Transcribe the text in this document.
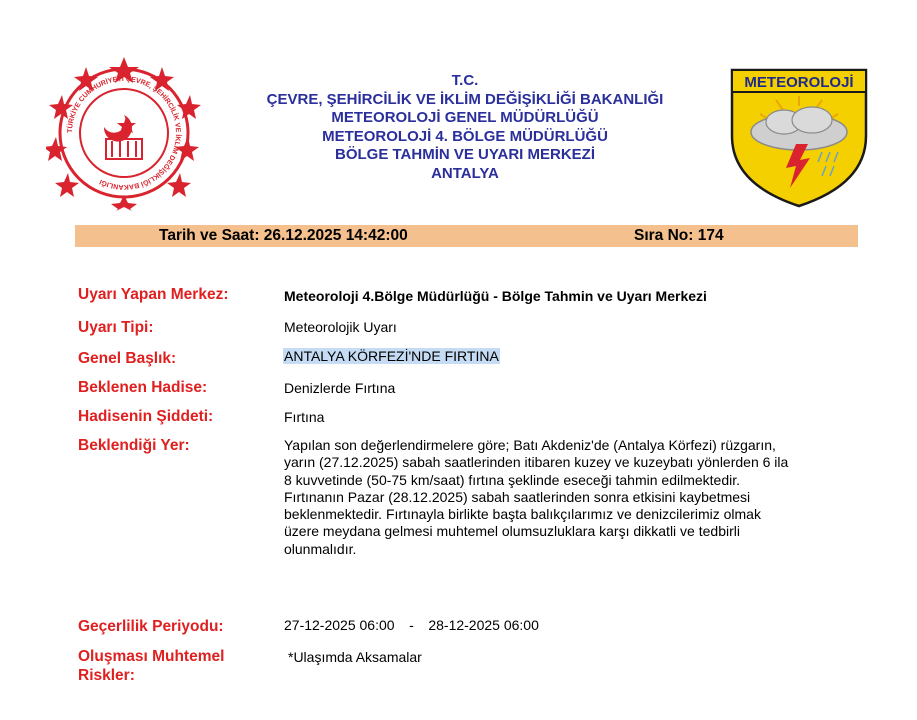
TÜRKİYE CUMHURİYETİ ÇEVRE, ŞEHİRCİLİK VE İKLİM DEĞİŞİKLİĞİ BAKANLIĞI
T.C.
ÇEVRE, ŞEHİRCİLİK VE İKLİM DEĞİŞİKLİĞİ BAKANLIĞI
METEOROLOJİ GENEL MÜDÜRLÜĞÜ
METEOROLOJİ 4. BÖLGE MÜDÜRLÜĞÜ
BÖLGE TAHMİN VE UYARI MERKEZİ
ANTALYA
METEOROLOJİ
Tarih ve Saat: 26.12.2025 14:42:00	Sıra No: 174
Uyarı Yapan Merkez:	Meteoroloji 4.Bölge Müdürlüğü - Bölge Tahmin ve Uyarı Merkezi
Uyarı Tipi:	Meteorolojik Uyarı
Genel Başlık:	ANTALYA KÖRFEZİ'NDE FIRTINA
Beklenen Hadise:	Denizlerde Fırtına
Hadisenin Şiddeti:	Fırtına
Beklendiği Yer:	Yapılan son değerlendirmelere göre; Batı Akdeniz'de (Antalya Körfezi) rüzgarın,
yarın (27.12.2025) sabah saatlerinden itibaren kuzey ve kuzeybatı yönlerden 6 ila
8 kuvvetinde (50-75 km/saat) fırtına şeklinde eseceği tahmin edilmektedir.
Fırtınanın Pazar (28.12.2025) sabah saatlerinden sonra etkisini kaybetmesi
beklenmektedir. Fırtınayla birlikte başta balıkçılarımız ve denizcilerimiz olmak
üzere meydana gelmesi muhtemel olumsuzluklara karşı dikkatli ve tedbirli
olunmalıdır.
Geçerlilik Periyodu:	27-12-2025 06:00 - 28-12-2025 06:00
Oluşması Muhtemel
Riskler:
*Ulaşımda Aksamalar
